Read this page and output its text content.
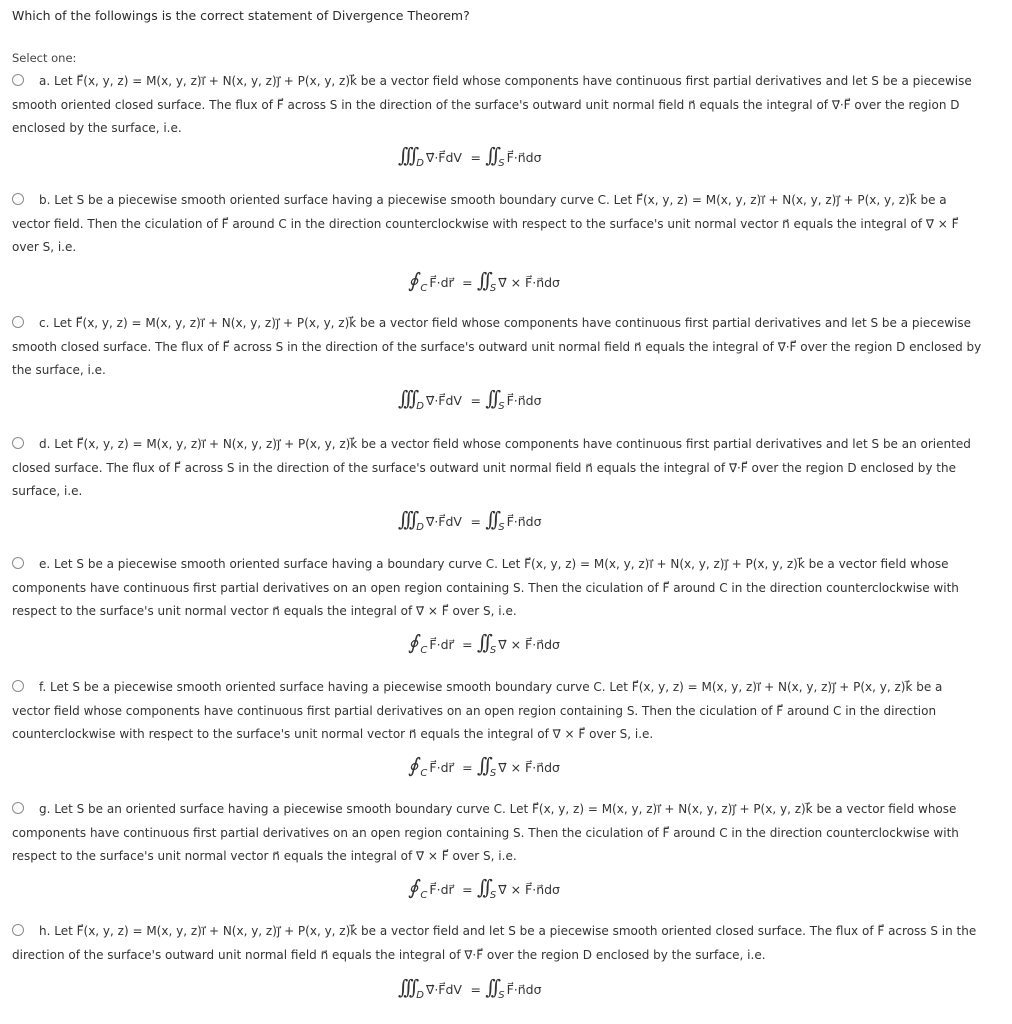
Which of the followings is the correct statement of Divergence Theorem?
Select one:
a. Let F⃗(x, y, z) = M(x, y, z)i⃗ + N(x, y, z)j⃗ + P(x, y, z)k⃗ be a vector field whose components have continuous first partial derivatives and let S be a piecewise smooth oriented closed surface. The flux of F⃗ across S in the direction of the surface's outward unit normal field n⃗ equals the integral of ∇⃗·F⃗ over the region D enclosed by the surface, i.e.
∫∫∫ $_D$ ∇⃗·F⃗dV = ∫∫ $_S$ F⃗·n⃗dσ
b. Let S be a piecewise smooth oriented surface having a piecewise smooth boundary curve C. Let F⃗(x, y, z) = M(x, y, z)i⃗ + N(x, y, z)j⃗ + P(x, y, z)k⃗ be a vector field. Then the ciculation of F⃗ around C in the direction counterclockwise with respect to the surface's unit normal vector n⃗ equals the integral of ∇⃗ × F⃗ over S, i.e.
∮ $_C$ F⃗·dr⃗ = ∫∫ $_S$ ∇⃗ × F⃗·n⃗dσ
c. Let F⃗(x, y, z) = M(x, y, z)i⃗ + N(x, y, z)j⃗ + P(x, y, z)k⃗ be a vector field whose components have continuous first partial derivatives and let S be a piecewise smooth closed surface. The flux of F⃗ across S in the direction of the surface's outward unit normal field n⃗ equals the integral of ∇⃗·F⃗ over the region D enclosed by the surface, i.e.
∫∫∫ $_D$ ∇⃗·F⃗dV = ∫∫ $_S$ F⃗·n⃗dσ
d. Let F⃗(x, y, z) = M(x, y, z)i⃗ + N(x, y, z)j⃗ + P(x, y, z)k⃗ be a vector field whose components have continuous first partial derivatives and let S be an oriented closed surface. The flux of F⃗ across S in the direction of the surface's outward unit normal field n⃗ equals the integral of ∇⃗·F⃗ over the region D enclosed by the surface, i.e.
∫∫∫ $_D$ ∇⃗·F⃗dV = ∫∫ $_S$ F⃗·n⃗dσ
e. Let S be a piecewise smooth oriented surface having a boundary curve C. Let F⃗(x, y, z) = M(x, y, z)i⃗ + N(x, y, z)j⃗ + P(x, y, z)k⃗ be a vector field whose components have continuous first partial derivatives on an open region containing S. Then the ciculation of F⃗ around C in the direction counterclockwise with respect to the surface's unit normal vector n⃗ equals the integral of ∇⃗ × F⃗ over S, i.e.
∮ $_C$ F⃗·dr⃗ = ∫∫ $_S$ ∇⃗ × F⃗·n⃗dσ
f. Let S be a piecewise smooth oriented surface having a piecewise smooth boundary curve C. Let F⃗(x, y, z) = M(x, y, z)i⃗ + N(x, y, z)j⃗ + P(x, y, z)k⃗ be a vector field whose components have continuous first partial derivatives on an open region containing S. Then the ciculation of F⃗ around C in the direction counterclockwise with respect to the surface's unit normal vector n⃗ equals the integral of ∇⃗ × F⃗ over S, i.e.
∮ $_C$ F⃗·dr⃗ = ∫∫ $_S$ ∇⃗ × F⃗·n⃗dσ
g. Let S be an oriented surface having a piecewise smooth boundary curve C. Let F⃗(x, y, z) = M(x, y, z)i⃗ + N(x, y, z)j⃗ + P(x, y, z)k⃗ be a vector field whose components have continuous first partial derivatives on an open region containing S. Then the ciculation of F⃗ around C in the direction counterclockwise with respect to the surface's unit normal vector n⃗ equals the integral of ∇⃗ × F⃗ over S, i.e.
∮ $_C$ F⃗·dr⃗ = ∫∫ $_S$ ∇⃗ × F⃗·n⃗dσ
h. Let F⃗(x, y, z) = M(x, y, z)i⃗ + N(x, y, z)j⃗ + P(x, y, z)k⃗ be a vector field and let S be a piecewise smooth oriented closed surface. The flux of F⃗ across S in the direction of the surface's outward unit normal field n⃗ equals the integral of ∇⃗·F⃗ over the region D enclosed by the surface, i.e.
∫∫∫ $_D$ ∇⃗·F⃗dV = ∫∫ $_S$ F⃗·n⃗dσ
